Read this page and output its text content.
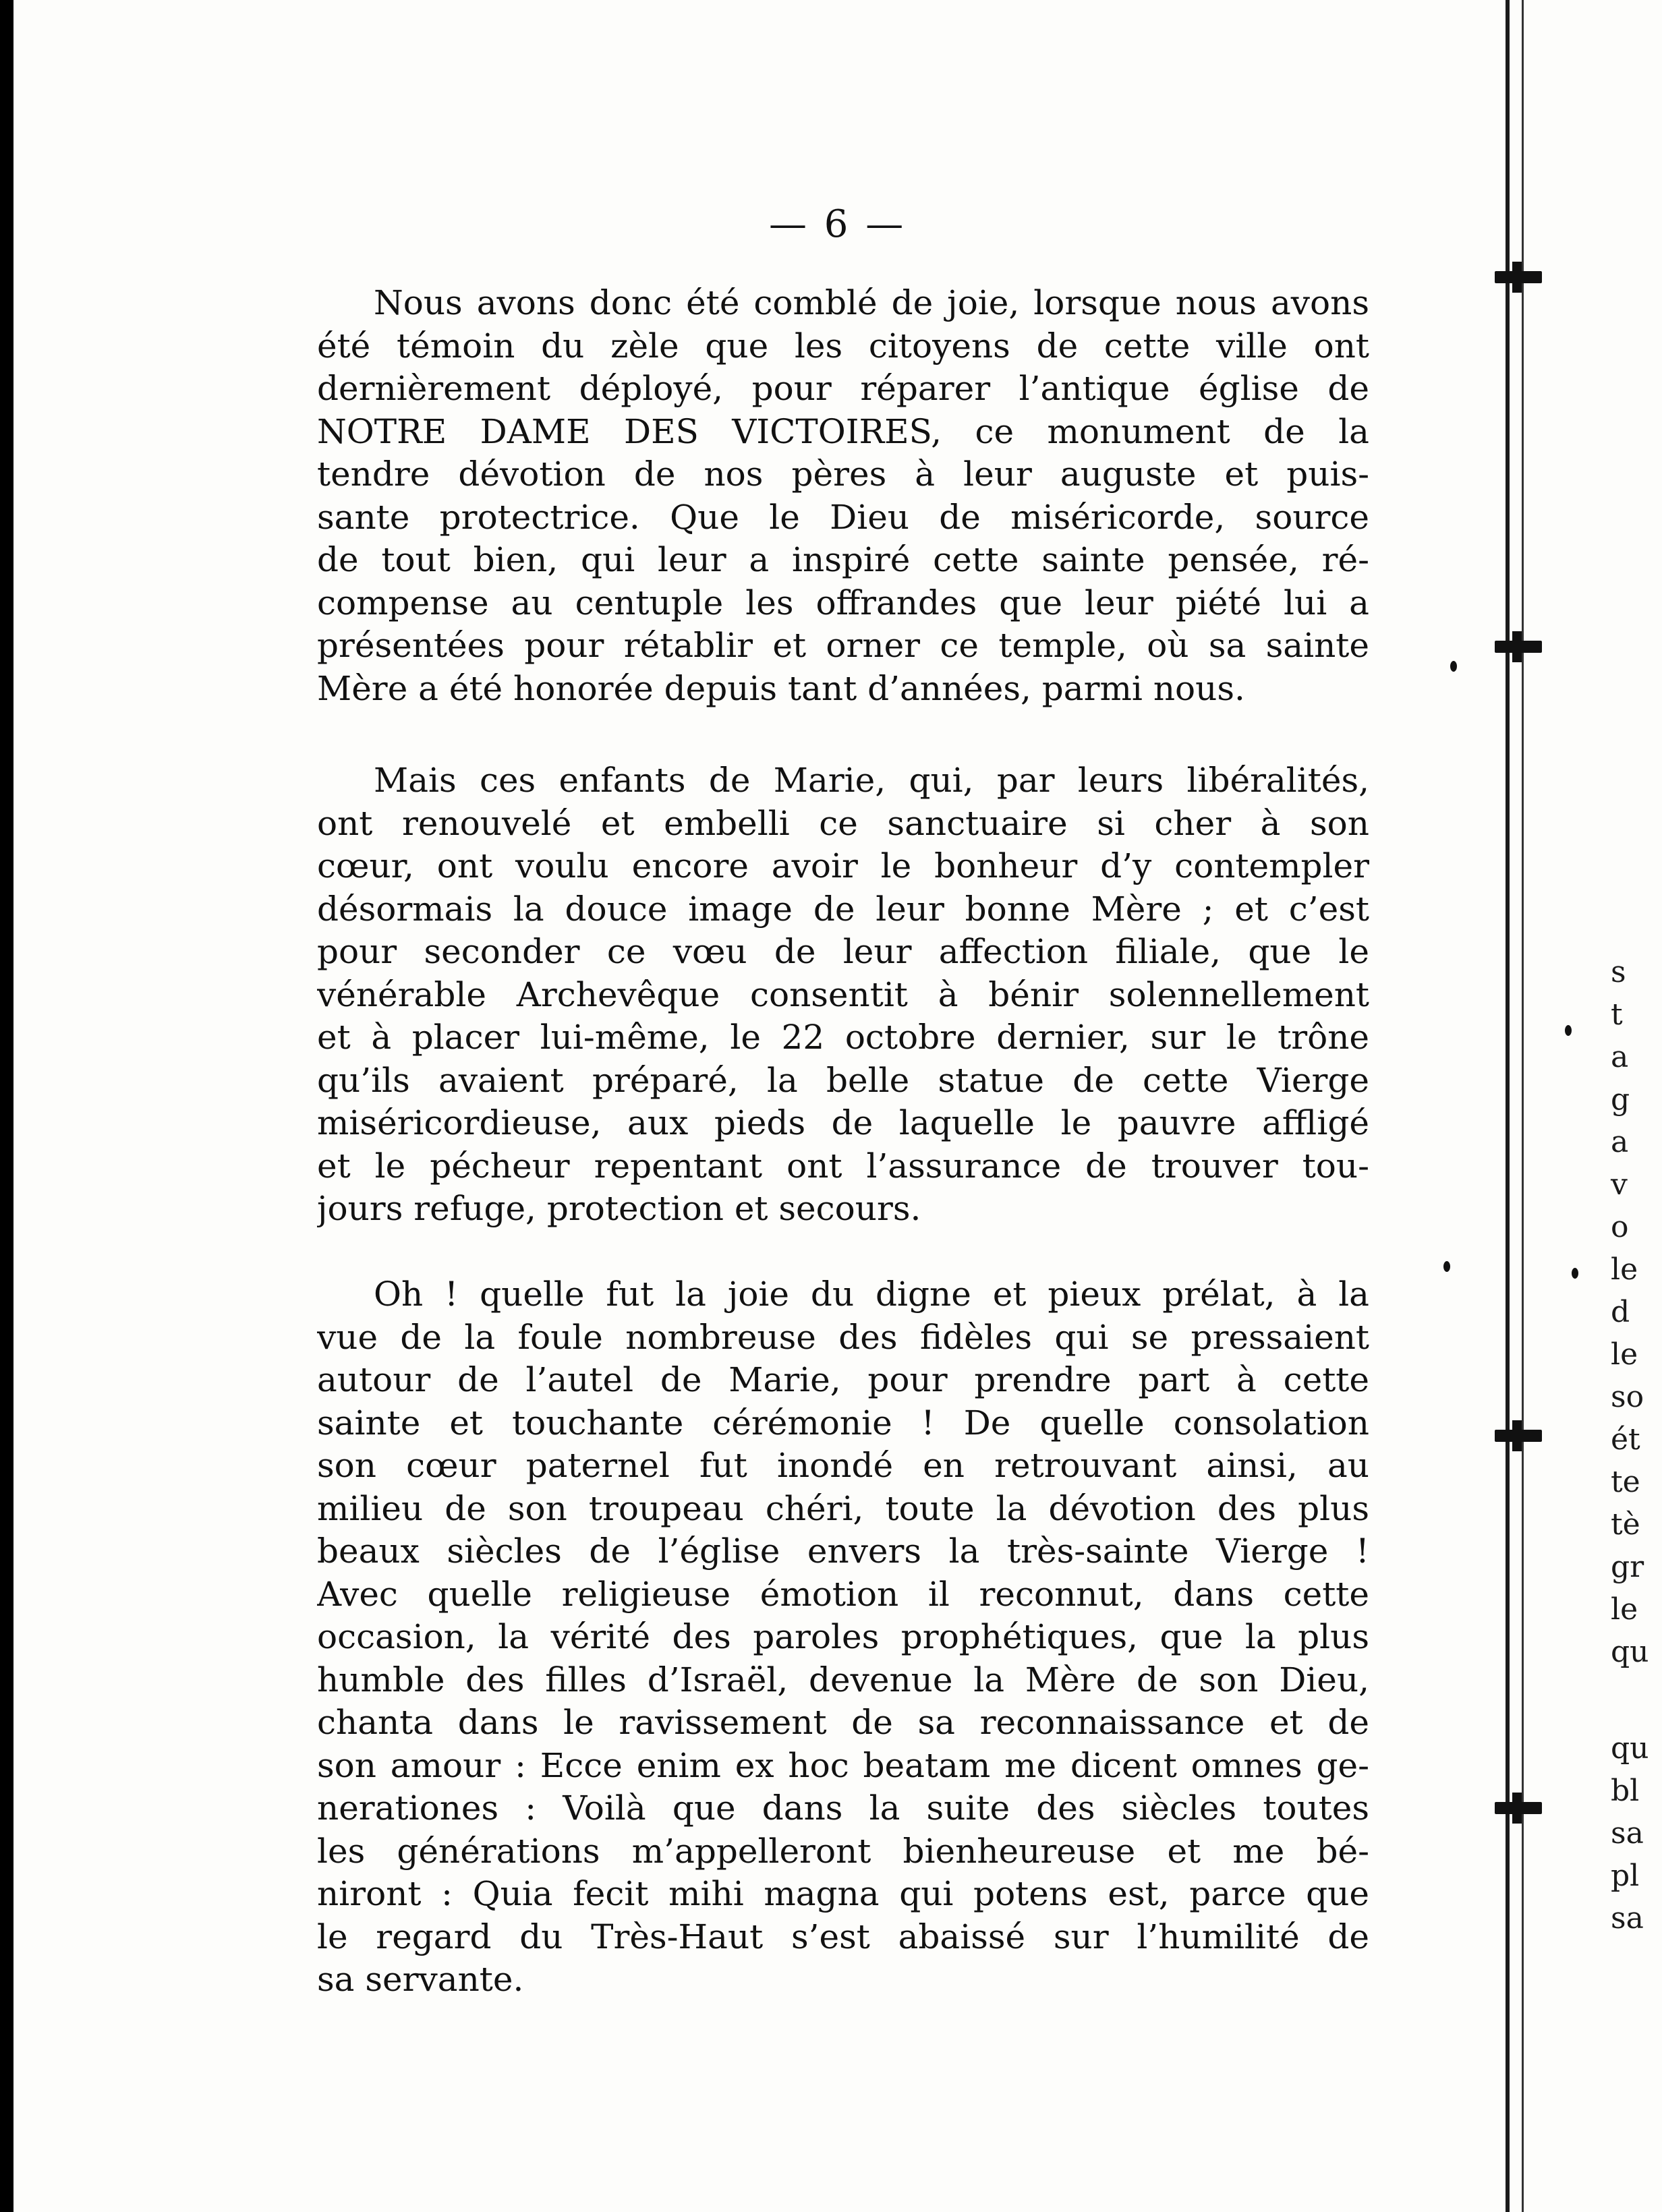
— 6 —
Nous avons donc été comblé de joie, lorsque nous avons
été témoin du zèle que les citoyens de cette ville ont
dernièrement déployé, pour réparer l’antique église de
NOTRE DAME DES VICTOIRES, ce monument de la
tendre dévotion de nos pères à leur auguste et puis-
sante protectrice. Que le Dieu de miséricorde, source
de tout bien, qui leur a inspiré cette sainte pensée, ré-
compense au centuple les offrandes que leur piété lui a
présentées pour rétablir et orner ce temple, où sa sainte
Mère a été honorée depuis tant d’années, parmi nous.
Mais ces enfants de Marie, qui, par leurs libéralités,
ont renouvelé et embelli ce sanctuaire si cher à son
cœur, ont voulu encore avoir le bonheur d’y contempler
désormais la douce image de leur bonne Mère ; et c’est
pour seconder ce vœu de leur affection filiale, que le
vénérable Archevêque consentit à bénir solennellement
et à placer lui-même, le 22 octobre dernier, sur le trône
qu’ils avaient préparé, la belle statue de cette Vierge
miséricordieuse, aux pieds de laquelle le pauvre affligé
et le pécheur repentant ont l’assurance de trouver tou-
jours refuge, protection et secours.
Oh ! quelle fut la joie du digne et pieux prélat, à la
vue de la foule nombreuse des fidèles qui se pressaient
autour de l’autel de Marie, pour prendre part à cette
sainte et touchante cérémonie ! De quelle consolation
son cœur paternel fut inondé en retrouvant ainsi, au
milieu de son troupeau chéri, toute la dévotion des plus
beaux siècles de l’église envers la très-sainte Vierge !
Avec quelle religieuse émotion il reconnut, dans cette
occasion, la vérité des paroles prophétiques, que la plus
humble des filles d’Israël, devenue la Mère de son Dieu,
chanta dans le ravissement de sa reconnaissance et de
son amour : Ecce enim ex hoc beatam me dicent omnes ge-
nerationes : Voilà que dans la suite des siècles toutes
les générations m’appelleront bienheureuse et me bé-
niront : Quia fecit mihi magna qui potens est, parce que
le regard du Très-Haut s’est abaissé sur l’humilité de
sa servante.
s
t
a
g
a
v
o
le
d
le
so
ét
te
tè
gr
le
qu
qu
bl
sa
pl
sa
